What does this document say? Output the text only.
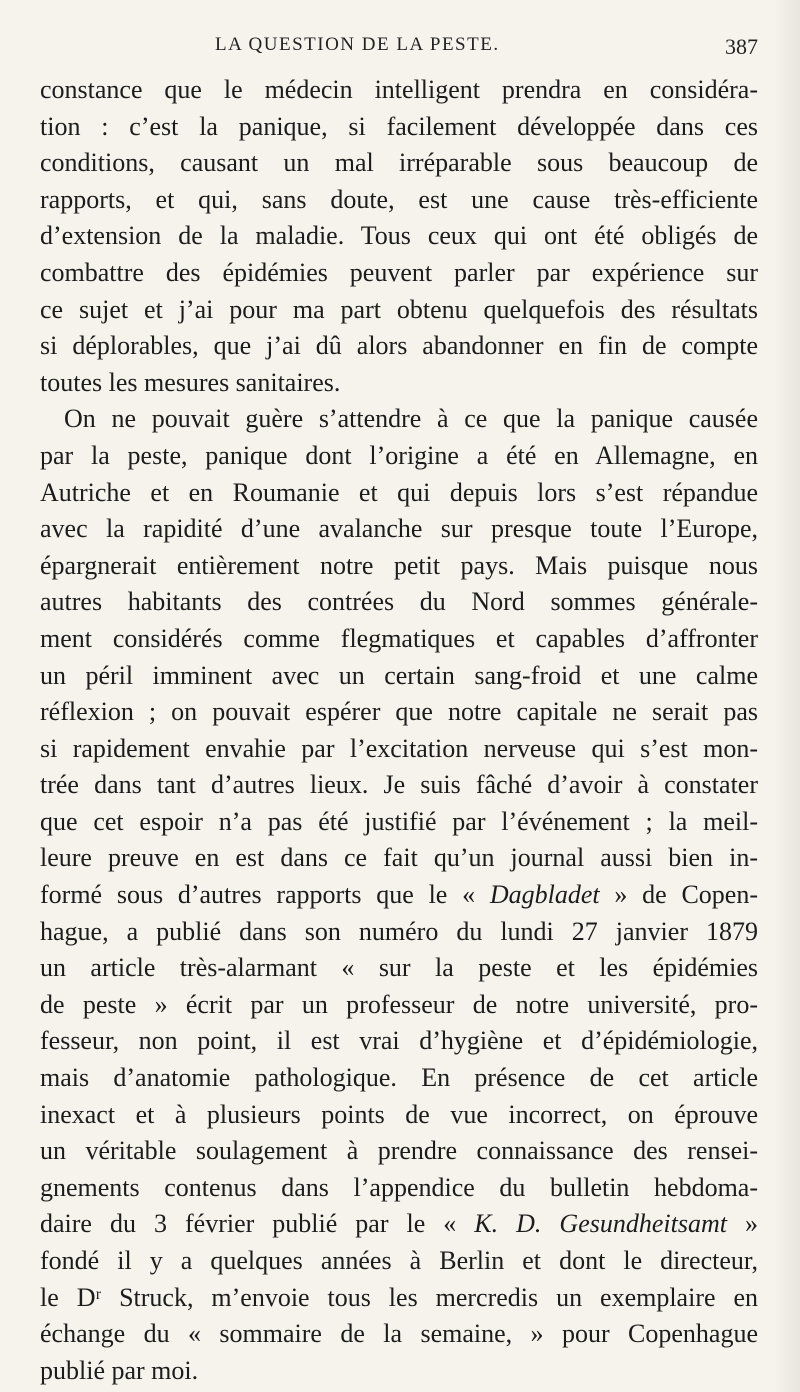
LA QUESTION DE LA PESTE.	387
constance que le médecin intelligent prendra en considéra-
tion : c’est la panique, si facilement développée dans ces
conditions, causant un mal irréparable sous beaucoup de
rapports, et qui, sans doute, est une cause très-efficiente
d’extension de la maladie. Tous ceux qui ont été obligés de
combattre des épidémies peuvent parler par expérience sur
ce sujet et j’ai pour ma part obtenu quelquefois des résultats
si déplorables, que j’ai dû alors abandonner en fin de compte
toutes les mesures sanitaires.
On ne pouvait guère s’attendre à ce que la panique causée
par la peste, panique dont l’origine a été en Allemagne, en
Autriche et en Roumanie et qui depuis lors s’est répandue
avec la rapidité d’une avalanche sur presque toute l’Europe,
épargnerait entièrement notre petit pays. Mais puisque nous
autres habitants des contrées du Nord sommes générale-
ment considérés comme flegmatiques et capables d’affronter
un péril imminent avec un certain sang-froid et une calme
réflexion ; on pouvait espérer que notre capitale ne serait pas
si rapidement envahie par l’excitation nerveuse qui s’est mon-
trée dans tant d’autres lieux. Je suis fâché d’avoir à constater
que cet espoir n’a pas été justifié par l’événement ; la meil-
leure preuve en est dans ce fait qu’un journal aussi bien in-
formé sous d’autres rapports que le « Dagbladet » de Copen-
hague, a publié dans son numéro du lundi 27 janvier 1879
un article très-alarmant « sur la peste et les épidémies
de peste » écrit par un professeur de notre université, pro-
fesseur, non point, il est vrai d’hygiène et d’épidémiologie,
mais d’anatomie pathologique. En présence de cet article
inexact et à plusieurs points de vue incorrect, on éprouve
un véritable soulagement à prendre connaissance des rensei-
gnements contenus dans l’appendice du bulletin hebdoma-
daire du 3 février publié par le « K. D. Gesundheitsamt »
fondé il y a quelques années à Berlin et dont le directeur,
le Dʳ Struck, m’envoie tous les mercredis un exemplaire en
échange du « sommaire de la semaine, » pour Copenhague
publié par moi.
